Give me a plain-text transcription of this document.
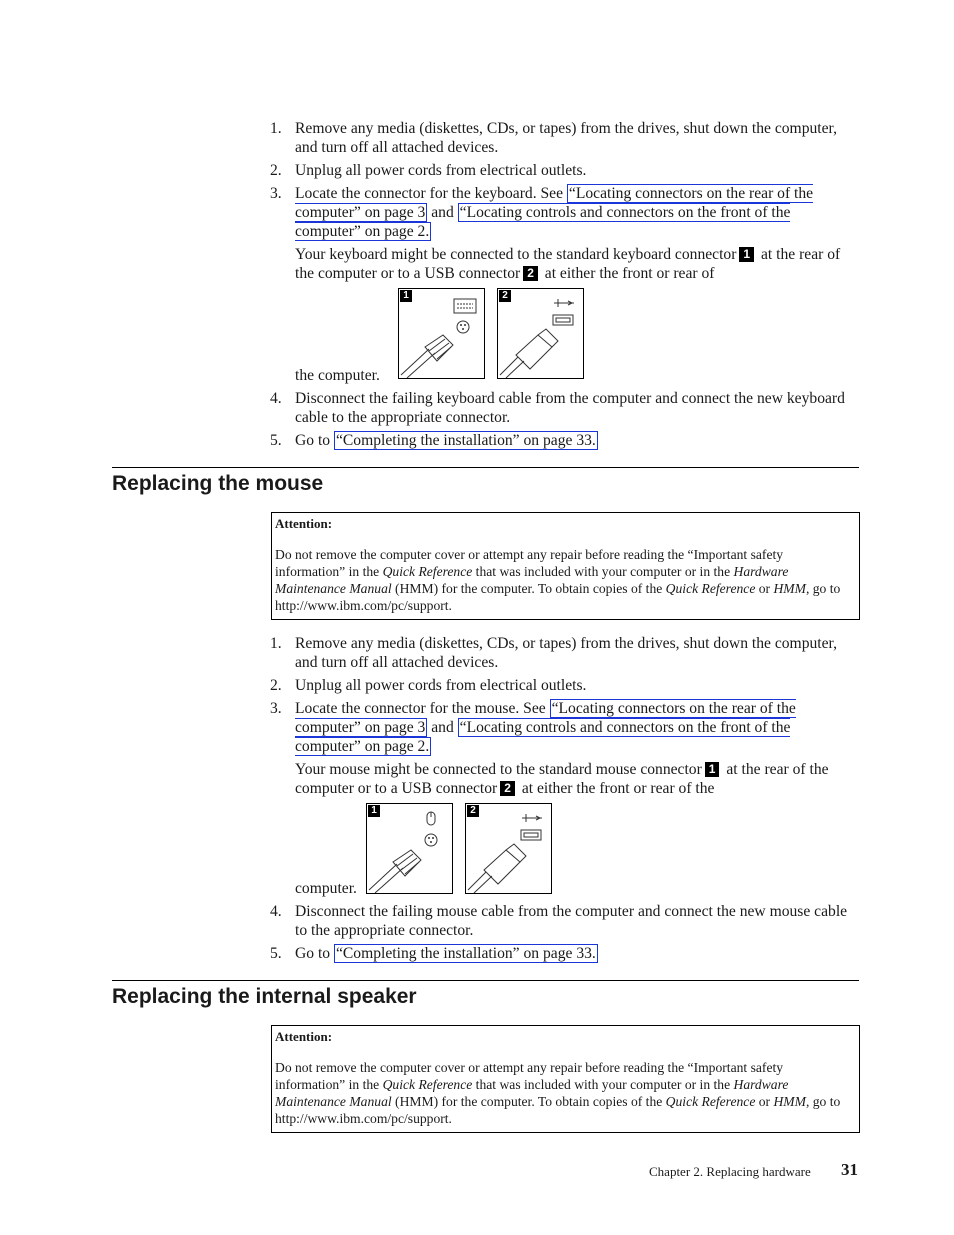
1. Remove any media (diskettes, CDs, or tapes) from the drives, shut down the computer, and turn off all attached devices.
2. Unplug all power cords from electrical outlets.
3. Locate the connector for the keyboard. See “Locating connectors on the rear of the computer” on page 3 and “Locating controls and connectors on the front of the computer” on page 2.
Your keyboard might be connected to the standard keyboard connector 1 at the rear of the computer or to a USB connector 2 at either the front or rear of
the computer.
4. Disconnect the failing keyboard cable from the computer and connect the new keyboard cable to the appropriate connector.
5. Go to “Completing the installation” on page 33.
1	2
Replacing the mouse
Attention:
Do not remove the computer cover or attempt any repair before reading the “Important safety information” in the Quick Reference that was included with your computer or in the Hardware Maintenance Manual (HMM) for the computer. To obtain copies of the Quick Reference or HMM, go to http://www.ibm.com/pc/support.
1. Remove any media (diskettes, CDs, or tapes) from the drives, shut down the computer, and turn off all attached devices.
2. Unplug all power cords from electrical outlets.
3. Locate the connector for the mouse. See “Locating connectors on the rear of the computer” on page 3 and “Locating controls and connectors on the front of the computer” on page 2.
Your mouse might be connected to the standard mouse connector 1 at the rear of the computer or to a USB connector 2 at either the front or rear of the
computer.
4. Disconnect the failing mouse cable from the computer and connect the new mouse cable to the appropriate connector.
5. Go to “Completing the installation” on page 33.
1	2
Replacing the internal speaker
Attention:
Do not remove the computer cover or attempt any repair before reading the “Important safety information” in the Quick Reference that was included with your computer or in the Hardware Maintenance Manual (HMM) for the computer. To obtain copies of the Quick Reference or HMM, go to http://www.ibm.com/pc/support.
Chapter 2. Replacing hardware 31
